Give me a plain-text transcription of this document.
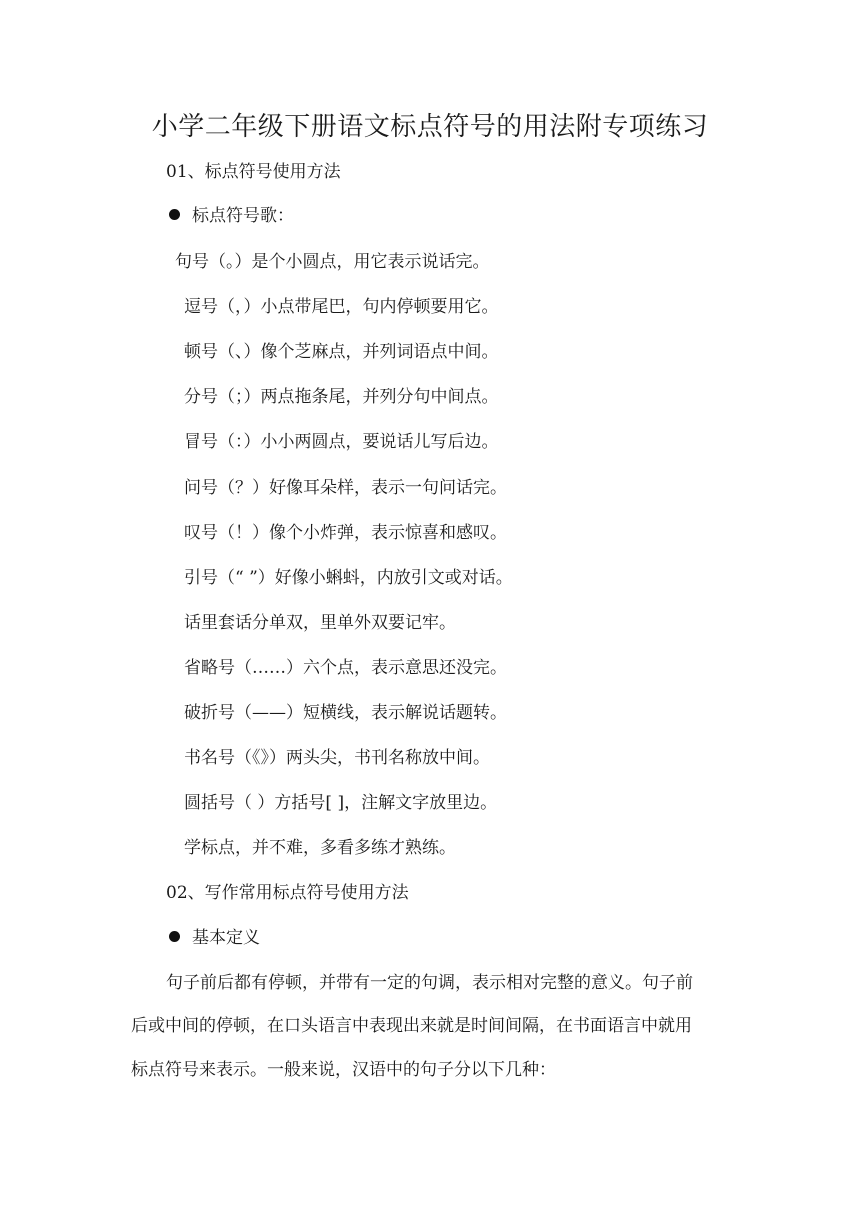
小学二年级下册语文标点符号的用法附专项练习
01、标点符号使用方法
标点符号歌：
句号（。）是个小圆点，用它表示说话完。
逗号（，）小点带尾巴，句内停顿要用它。
顿号（、）像个芝麻点，并列词语点中间。
分号（；）两点拖条尾，并列分句中间点。
冒号（：）小小两圆点，要说话儿写后边。
问号（？）好像耳朵样，表示一句问话完。
叹号（！）像个小炸弹，表示惊喜和感叹。
引号（“ ”）好像小蝌蚪，内放引文或对话。
话里套话分单双，里单外双要记牢。
省略号（……）六个点，表示意思还没完。
破折号（——）短横线，表示解说话题转。
书名号（《》）两头尖，书刊名称放中间。
圆括号（ ）方括号[ ]，注解文字放里边。
学标点，并不难，多看多练才熟练。
02、写作常用标点符号使用方法
基本定义
句子前后都有停顿，并带有一定的句调，表示相对完整的意义。句子前
后或中间的停顿，在口头语言中表现出来就是时间间隔，在书面语言中就用
标点符号来表示。一般来说，汉语中的句子分以下几种：
